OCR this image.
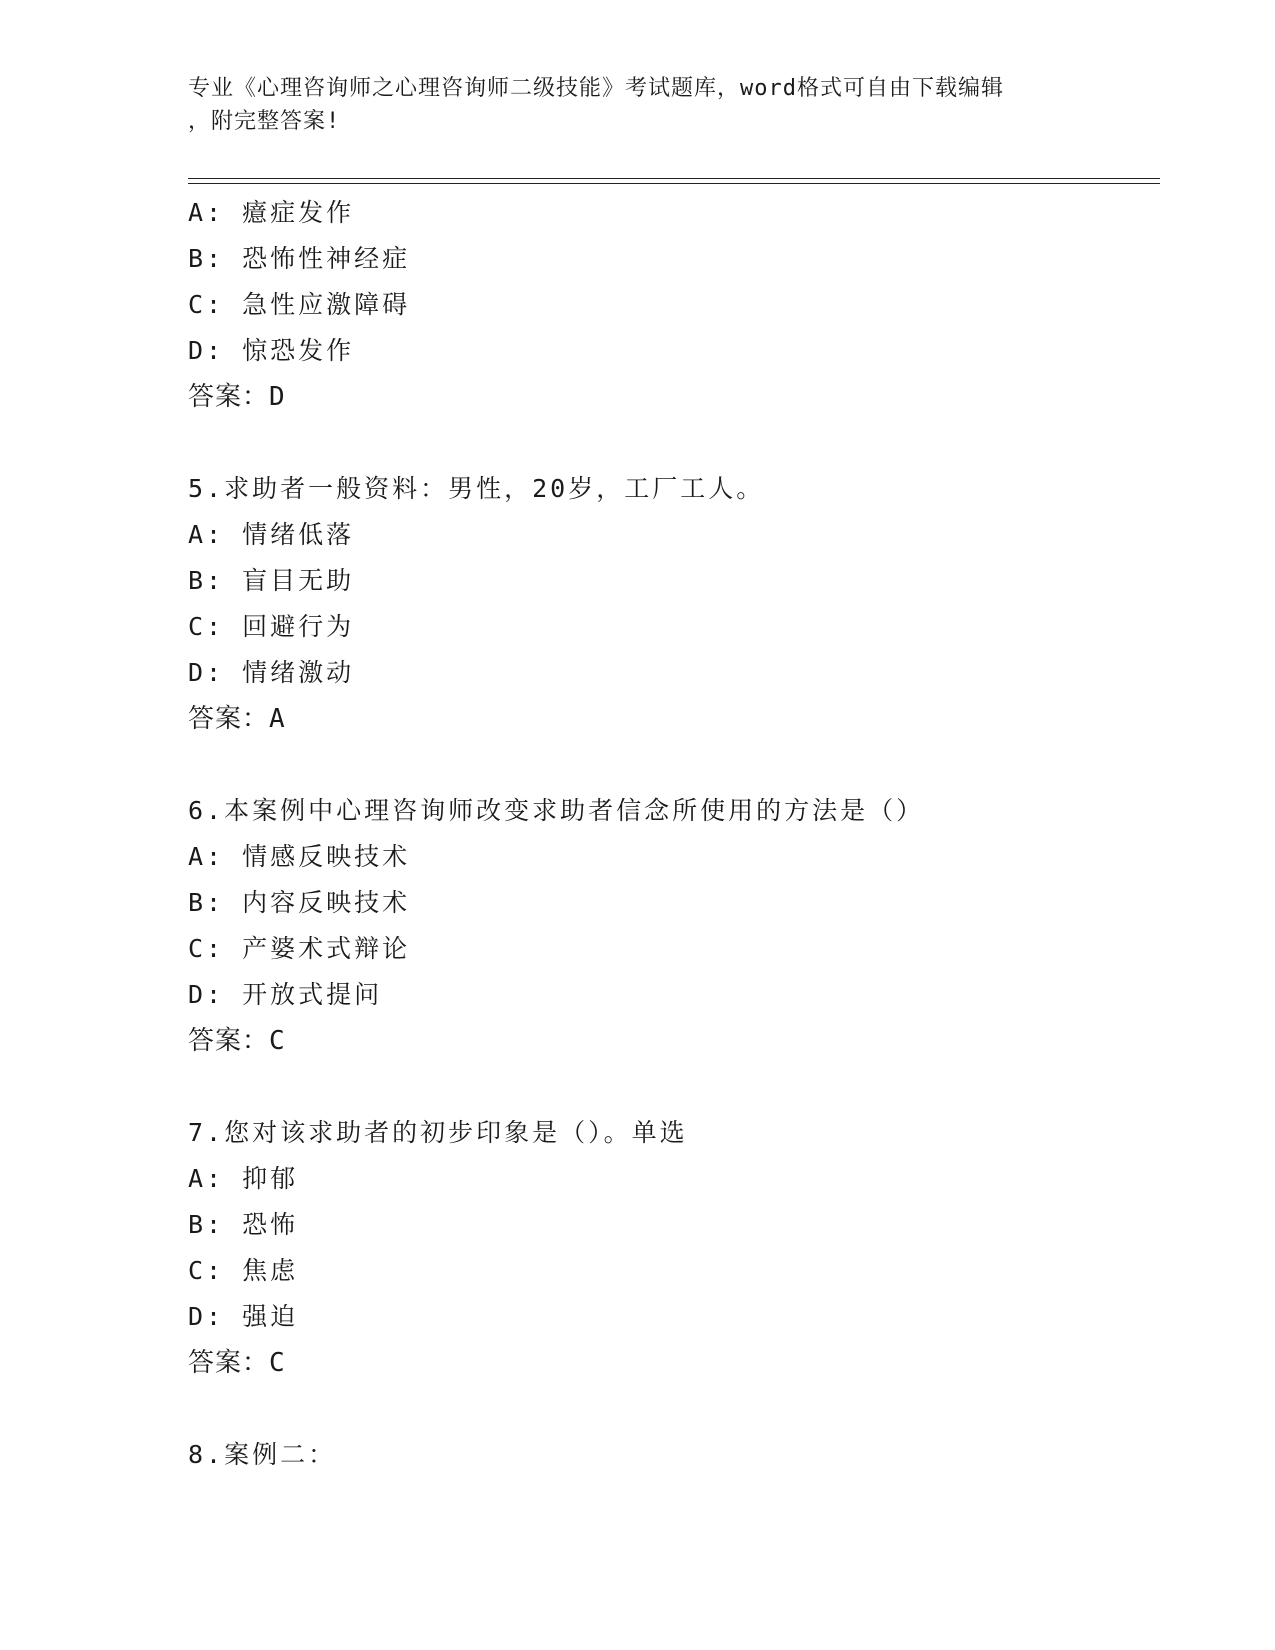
专业《心理咨询师之心理咨询师二级技能》考试题库，word格式可自由下载编辑
，附完整答案!
A: 癔症发作
B: 恐怖性神经症
C: 急性应激障碍
D: 惊恐发作
答案：D
5.求助者一般资料：男性，20岁，工厂工人。
A: 情绪低落
B: 盲目无助
C: 回避行为
D: 情绪激动
答案：A
6.本案例中心理咨询师改变求助者信念所使用的方法是（）
A: 情感反映技术
B: 内容反映技术
C: 产婆术式辩论
D: 开放式提问
答案：C
7.您对该求助者的初步印象是（）。单选
A: 抑郁
B: 恐怖
C: 焦虑
D: 强迫
答案：C
8.案例二：
